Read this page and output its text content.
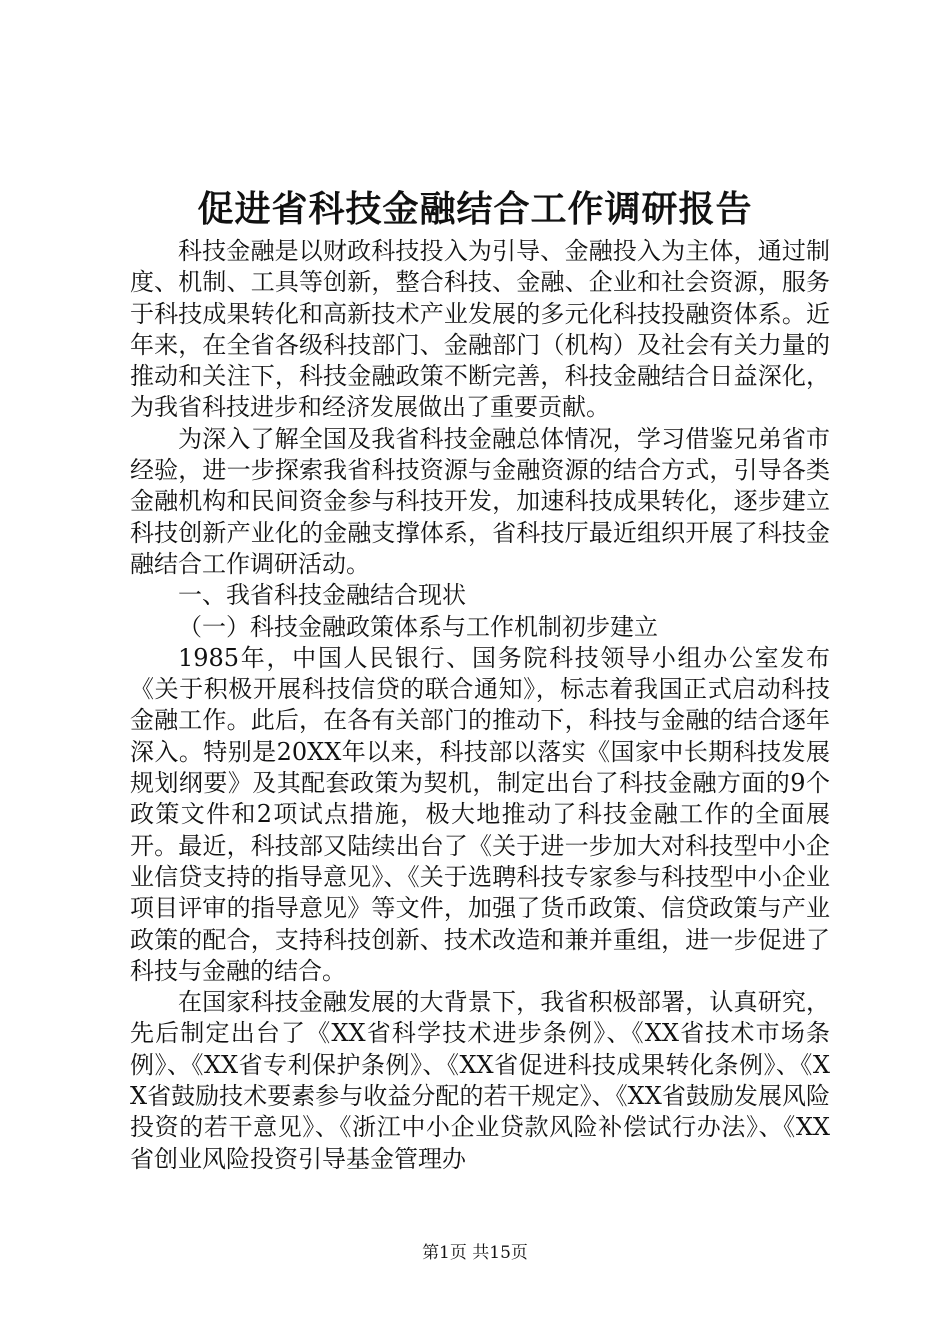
促进省科技金融结合工作调研报告

科技金融是以财政科技投入为引导、金融投入为主体，通过制度、机制、工具等创新，整合科技、金融、企业和社会资源，服务于科技成果转化和高新技术产业发展的多元化科技投融资体系。近年来，在全省各级科技部门、金融部门（机构）及社会有关力量的推动和关注下，科技金融政策不断完善，科技金融结合日益深化，为我省科技进步和经济发展做出了重要贡献。

为深入了解全国及我省科技金融总体情况，学习借鉴兄弟省市经验，进一步探索我省科技资源与金融资源的结合方式，引导各类金融机构和民间资金参与科技开发，加速科技成果转化，逐步建立科技创新产业化的金融支撑体系，省科技厅最近组织开展了科技金融结合工作调研活动。

一、我省科技金融结合现状

（一）科技金融政策体系与工作机制初步建立

1985年，中国人民银行、国务院科技领导小组办公室发布《关于积极开展科技信贷的联合通知》，标志着我国正式启动科技金融工作。此后，在各有关部门的推动下，科技与金融的结合逐年深入。特别是20XX年以来，科技部以落实《国家中长期科技发展规划纲要》及其配套政策为契机，制定出台了科技金融方面的9个政策文件和2项试点措施，极大地推动了科技金融工作的全面展开。最近，科技部又陆续出台了《关于进一步加大对科技型中小企业信贷支持的指导意见》、《关于选聘科技专家参与科技型中小企业项目评审的指导意见》等文件，加强了货币政策、信贷政策与产业政策的配合，支持科技创新、技术改造和兼并重组，进一步促进了科技与金融的结合。

在国家科技金融发展的大背景下，我省积极部署，认真研究，先后制定出台了《XX省科学技术进步条例》、《XX省技术市场条例》、《XX省专利保护条例》、《XX省促进科技成果转化条例》、《XX省鼓励技术要素参与收益分配的若干规定》、《XX省鼓励发展风险投资的若干意见》、《浙江中小企业贷款风险补偿试行办法》、《XX省创业风险投资引导基金管理办

第1页 共15页
